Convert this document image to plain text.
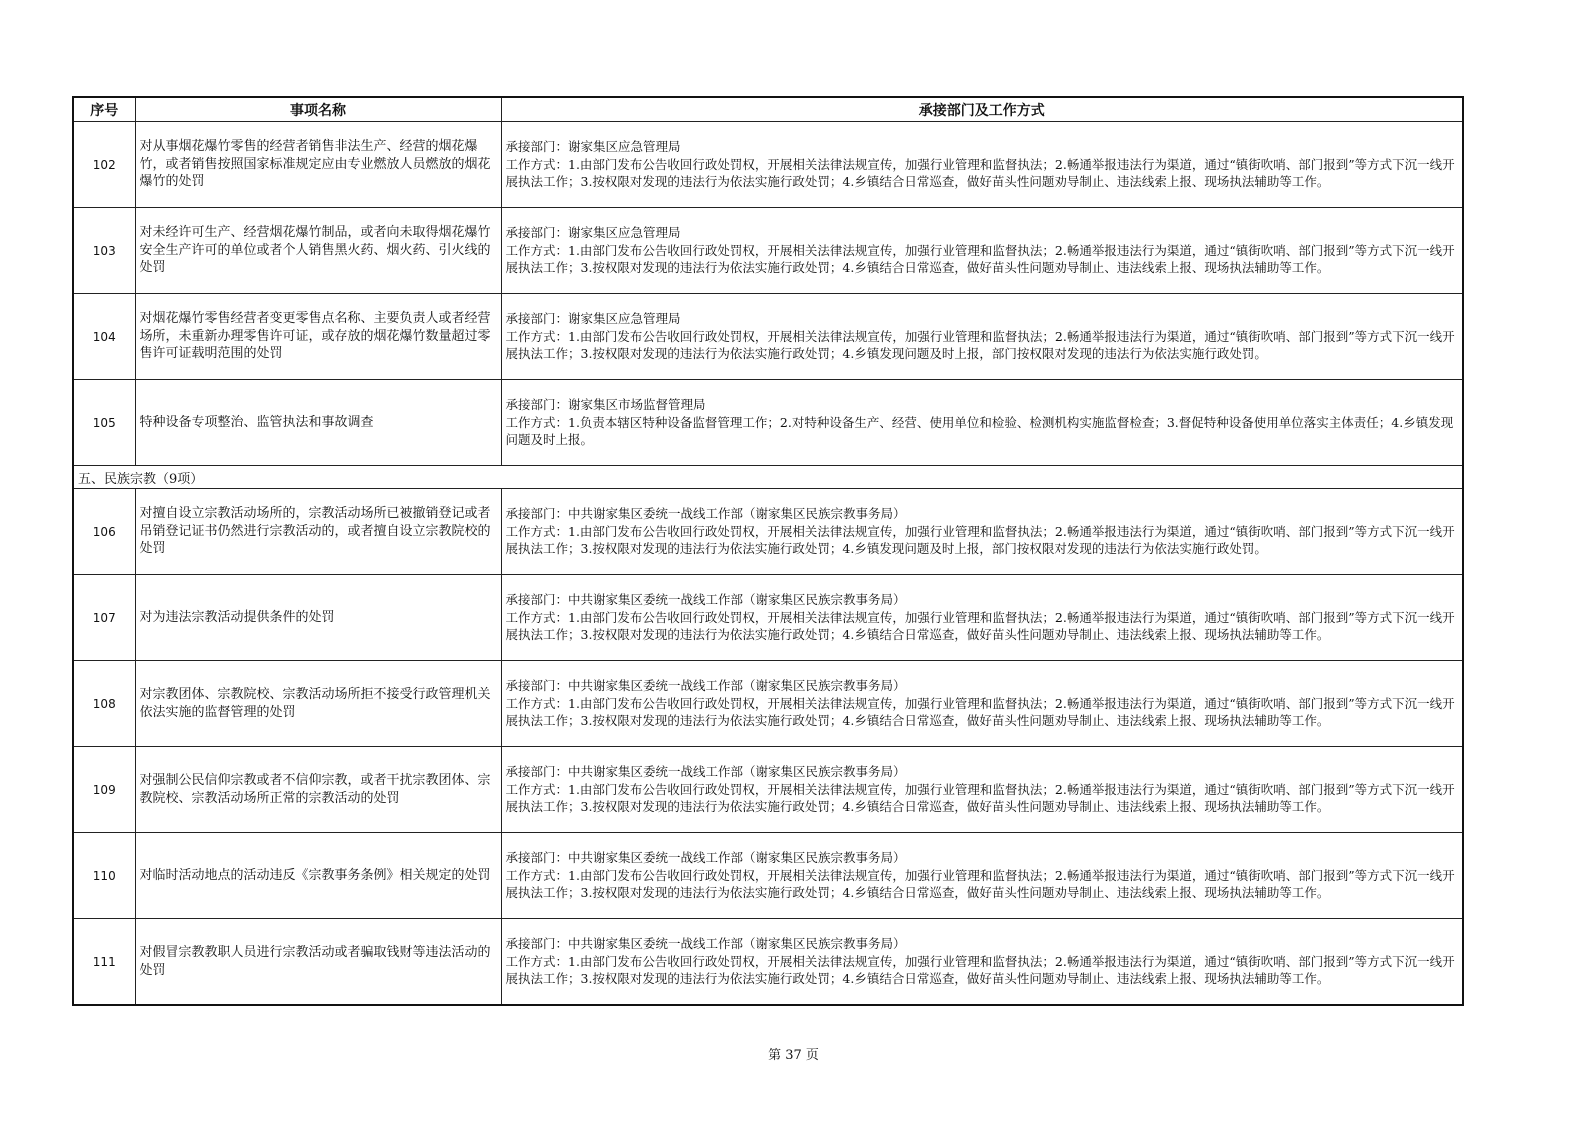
序号	事项名称	承接部门及工作方式
102	对从事烟花爆竹零售的经营者销售非法生产、经营的烟花爆竹，或者销售按照国家标准规定应由专业燃放人员燃放的烟花爆竹的处罚	承接部门：谢家集区应急管理局
工作方式：1.由部门发布公告收回行政处罚权，开展相关法律法规宣传，加强行业管理和监督执法；2.畅通举报违法行为渠道，通过“镇街吹哨、部门报到”等方式下沉一线开展执法工作；3.按权限对发现的违法行为依法实施行政处罚；4.乡镇结合日常巡查，做好苗头性问题劝导制止、违法线索上报、现场执法辅助等工作。

103	对未经许可生产、经营烟花爆竹制品，或者向未取得烟花爆竹安全生产许可的单位或者个人销售黑火药、烟火药、引火线的处罚	承接部门：谢家集区应急管理局
工作方式：1.由部门发布公告收回行政处罚权，开展相关法律法规宣传，加强行业管理和监督执法；2.畅通举报违法行为渠道，通过“镇街吹哨、部门报到”等方式下沉一线开展执法工作；3.按权限对发现的违法行为依法实施行政处罚；4.乡镇结合日常巡查，做好苗头性问题劝导制止、违法线索上报、现场执法辅助等工作。

104	对烟花爆竹零售经营者变更零售点名称、主要负责人或者经营场所，未重新办理零售许可证，或存放的烟花爆竹数量超过零售许可证载明范围的处罚	承接部门：谢家集区应急管理局
工作方式：1.由部门发布公告收回行政处罚权，开展相关法律法规宣传，加强行业管理和监督执法；2.畅通举报违法行为渠道，通过“镇街吹哨、部门报到”等方式下沉一线开展执法工作；3.按权限对发现的违法行为依法实施行政处罚；4.乡镇发现问题及时上报，部门按权限对发现的违法行为依法实施行政处罚。

105	特种设备专项整治、监管执法和事故调查	承接部门：谢家集区市场监督管理局
工作方式：1.负责本辖区特种设备监督管理工作；2.对特种设备生产、经营、使用单位和检验、检测机构实施监督检查；3.督促特种设备使用单位落实主体责任；4.乡镇发现问题及时上报。

五、民族宗教（9项）		
106	对擅自设立宗教活动场所的，宗教活动场所已被撤销登记或者吊销登记证书仍然进行宗教活动的，或者擅自设立宗教院校的处罚	承接部门：中共谢家集区委统一战线工作部（谢家集区民族宗教事务局）
工作方式：1.由部门发布公告收回行政处罚权，开展相关法律法规宣传，加强行业管理和监督执法；2.畅通举报违法行为渠道，通过“镇街吹哨、部门报到”等方式下沉一线开展执法工作；3.按权限对发现的违法行为依法实施行政处罚；4.乡镇发现问题及时上报，部门按权限对发现的违法行为依法实施行政处罚。

107	对为违法宗教活动提供条件的处罚	承接部门：中共谢家集区委统一战线工作部（谢家集区民族宗教事务局）
工作方式：1.由部门发布公告收回行政处罚权，开展相关法律法规宣传，加强行业管理和监督执法；2.畅通举报违法行为渠道，通过“镇街吹哨、部门报到”等方式下沉一线开展执法工作；3.按权限对发现的违法行为依法实施行政处罚；4.乡镇结合日常巡查，做好苗头性问题劝导制止、违法线索上报、现场执法辅助等工作。

108	对宗教团体、宗教院校、宗教活动场所拒不接受行政管理机关依法实施的监督管理的处罚	承接部门：中共谢家集区委统一战线工作部（谢家集区民族宗教事务局）
工作方式：1.由部门发布公告收回行政处罚权，开展相关法律法规宣传，加强行业管理和监督执法；2.畅通举报违法行为渠道，通过“镇街吹哨、部门报到”等方式下沉一线开展执法工作；3.按权限对发现的违法行为依法实施行政处罚；4.乡镇结合日常巡查，做好苗头性问题劝导制止、违法线索上报、现场执法辅助等工作。

109	对强制公民信仰宗教或者不信仰宗教，或者干扰宗教团体、宗教院校、宗教活动场所正常的宗教活动的处罚	承接部门：中共谢家集区委统一战线工作部（谢家集区民族宗教事务局）
工作方式：1.由部门发布公告收回行政处罚权，开展相关法律法规宣传，加强行业管理和监督执法；2.畅通举报违法行为渠道，通过“镇街吹哨、部门报到”等方式下沉一线开展执法工作；3.按权限对发现的违法行为依法实施行政处罚；4.乡镇结合日常巡查，做好苗头性问题劝导制止、违法线索上报、现场执法辅助等工作。

110	对临时活动地点的活动违反《宗教事务条例》相关规定的处罚	承接部门：中共谢家集区委统一战线工作部（谢家集区民族宗教事务局）
工作方式：1.由部门发布公告收回行政处罚权，开展相关法律法规宣传，加强行业管理和监督执法；2.畅通举报违法行为渠道，通过“镇街吹哨、部门报到”等方式下沉一线开展执法工作；3.按权限对发现的违法行为依法实施行政处罚；4.乡镇结合日常巡查，做好苗头性问题劝导制止、违法线索上报、现场执法辅助等工作。

111	对假冒宗教教职人员进行宗教活动或者骗取钱财等违法活动的处罚	承接部门：中共谢家集区委统一战线工作部（谢家集区民族宗教事务局）
工作方式：1.由部门发布公告收回行政处罚权，开展相关法律法规宣传，加强行业管理和监督执法；2.畅通举报违法行为渠道，通过“镇街吹哨、部门报到”等方式下沉一线开展执法工作；3.按权限对发现的违法行为依法实施行政处罚；4.乡镇结合日常巡查，做好苗头性问题劝导制止、违法线索上报、现场执法辅助等工作。
第 37 页
